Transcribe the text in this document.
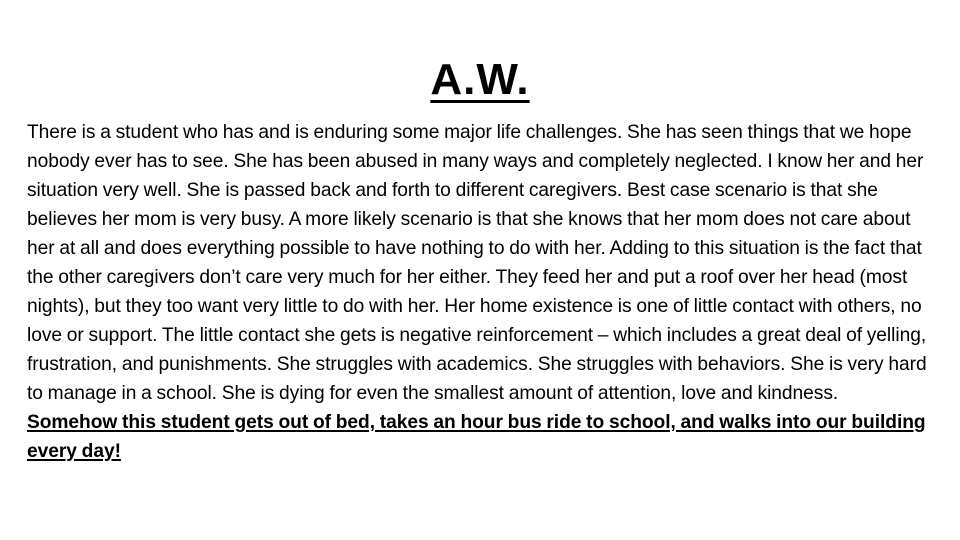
A.W.
There is a student who has and is enduring some major life challenges. She has seen things that we hope nobody ever has to see. She has been abused in many ways and completely neglected. I know her and her situation very well. She is passed back and forth to different caregivers. Best case scenario is that she believes her mom is very busy. A more likely scenario is that she knows that her mom does not care about her at all and does everything possible to have nothing to do with her. Adding to this situation is the fact that the other caregivers don’t care very much for her either. They feed her and put a roof over her head (most nights), but they too want very little to do with her. Her home existence is one of little contact with others, no love or support. The little contact she gets is negative reinforcement – which includes a great deal of yelling, frustration, and punishments. She struggles with academics. She struggles with behaviors. She is very hard to manage in a school. She is dying for even the smallest amount of attention, love and kindness. Somehow this student gets out of bed, takes an hour bus ride to school, and walks into our building every day!
